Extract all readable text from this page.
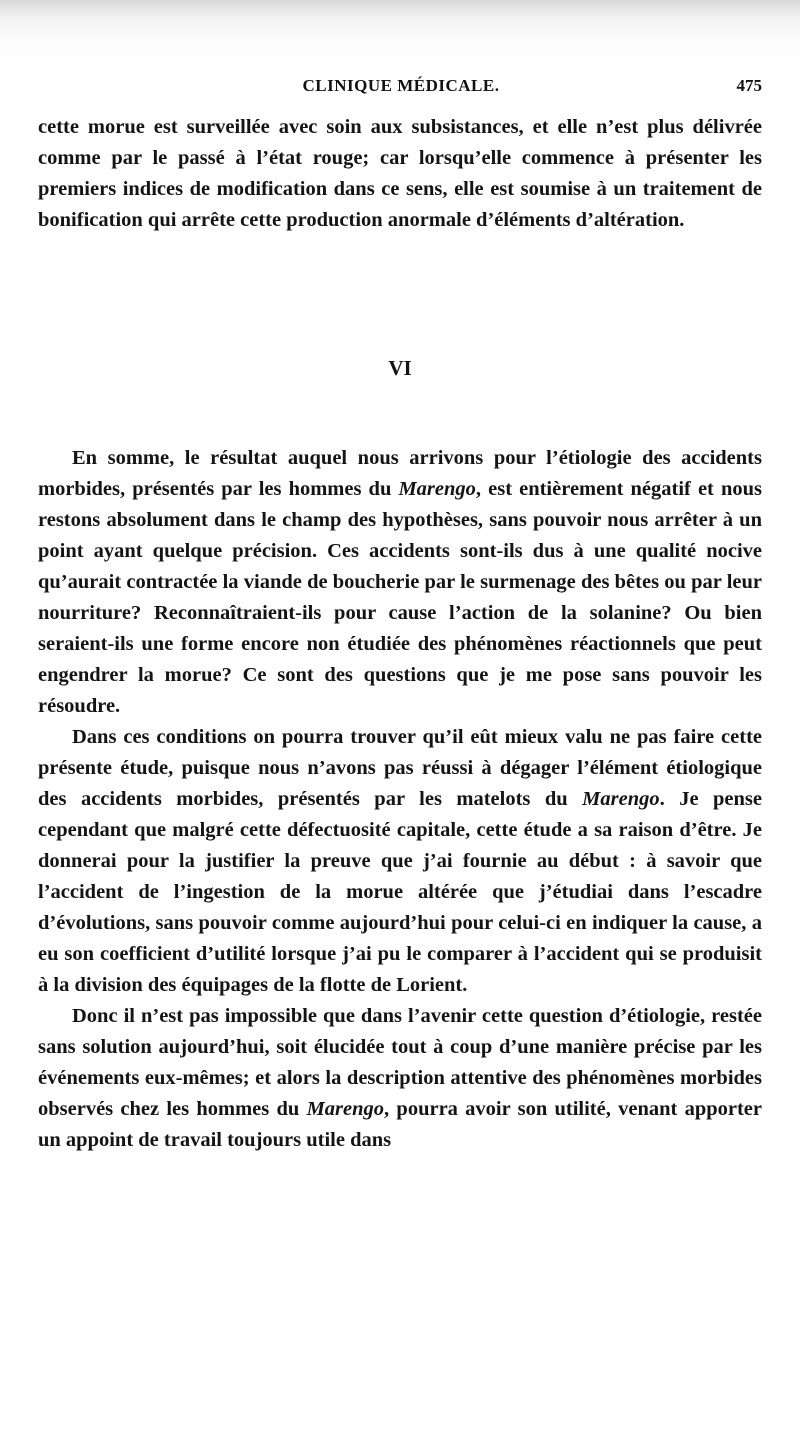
CLINIQUE MÉDICALE.	475

cette morue est surveillée avec soin aux subsistances, et elle n’est plus délivrée comme par le passé à l’état rouge; car lorsqu’elle commence à présenter les premiers indices de modification dans ce sens, elle est soumise à un traitement de bonification qui arrête cette production anormale d’éléments d’altération.

VI

En somme, le résultat auquel nous arrivons pour l’étiologie des accidents morbides, présentés par les hommes du Marengo, est entièrement négatif et nous restons absolument dans le champ des hypothèses, sans pouvoir nous arrêter à un point ayant quelque précision. Ces accidents sont-ils dus à une qualité nocive qu’aurait contractée la viande de boucherie par le surmenage des bêtes ou par leur nourriture? Reconnaîtraient-ils pour cause l’action de la solanine? Ou bien seraient-ils une forme encore non étudiée des phénomènes réactionnels que peut engendrer la morue? Ce sont des questions que je me pose sans pouvoir les résoudre.

Dans ces conditions on pourra trouver qu’il eût mieux valu ne pas faire cette présente étude, puisque nous n’avons pas réussi à dégager l’élément étiologique des accidents morbides, présentés par les matelots du Marengo. Je pense cependant que malgré cette défectuosité capitale, cette étude a sa raison d’être. Je donnerai pour la justifier la preuve que j’ai fournie au début : à savoir que l’accident de l’ingestion de la morue altérée que j’étudiai dans l’escadre d’évolutions, sans pouvoir comme aujourd’hui pour celui-ci en indiquer la cause, a eu son coefficient d’utilité lorsque j’ai pu le comparer à l’accident qui se produisit à la division des équipages de la flotte de Lorient.

Donc il n’est pas impossible que dans l’avenir cette question d’étiologie, restée sans solution aujourd’hui, soit élucidée tout à coup d’une manière précise par les événements eux-mêmes; et alors la description attentive des phénomènes morbides observés chez les hommes du Marengo, pourra avoir son utilité, venant apporter un appoint de travail toujours utile dans
